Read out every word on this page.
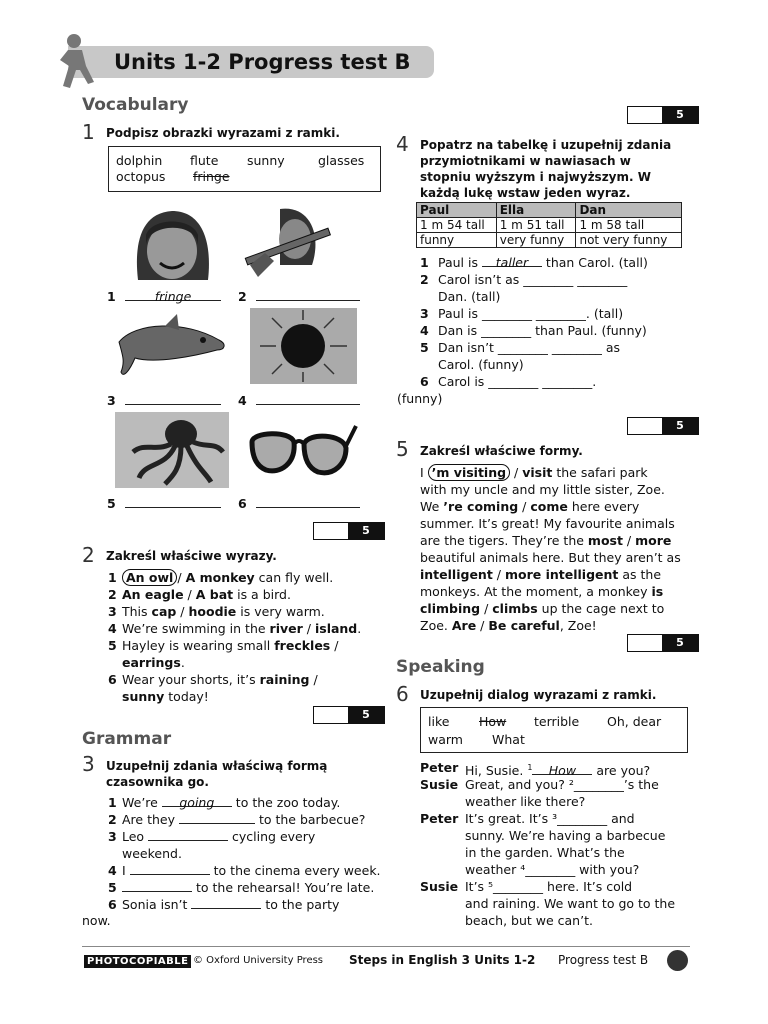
Units 1-2 Progress test B
Vocabulary
1 Podpisz obrazki wyrazami z ramki.
dolphin flute sunny	glasses
octopus fringe
1	fringe	2
3	4
5	6
5
2 Zakreśl właściwe wyrazy.
1 An owl / A monkey can fly well.
2 An eagle / A bat is a bird.
3 This cap / hoodie is very warm.
4 We’re swimming in the river / island.
5 Hayley is wearing small freckles /
earrings.
6 Wear your shorts, it’s raining /
sunny today!
5
Grammar
3 Uzupełnij zdania właściwą formą
czasownika go.
1 We’re going to the zoo today.
2 Are they	to the barbecue?
3 Leo	cycling every
weekend.
4 I	to the cinema every week.
5	to the rehearsal! You’re late.
6 Sonia isn’t	to the party
now.
5
4 Popatrz na tabelkę i uzupełnij zdania
przymiotnikami w nawiasach w
stopniu wyższym i najwyższym. W
każdą lukę wstaw jeden wyraz.
Paul	Ella	Dan
1 m 54 tall	1 m 51 tall	1 m 58 tall
funny	very funny	not very funny
1 Paul is taller than Carol. (tall)
2 Carol isn’t as ________ ________
Dan. (tall)
3 Paul is ________ ________. (tall)
4 Dan is ________ than Paul. (funny)
5 Dan isn’t ________ ________ as
Carol. (funny)
6 Carol is ________ ________.
(funny)
5
5 Zakreśl właściwe formy.
I ’m visiting / visit the safari park
with my uncle and my little sister, Zoe.
We ’re coming / come here every
summer. It’s great! My favourite animals
are the tigers. They’re the most / more
beautiful animals here. But they aren’t as
intelligent / more intelligent as the
monkeys. At the moment, a monkey is
climbing / climbs up the cage next to
Zoe. Are / Be careful, Zoe!
5
Speaking
6 Uzupełnij dialog wyrazami z ramki.
like How terrible Oh, dear
warm What
Peter Hi, Susie. $^1$ How are you?
Susie Great, and you? ²________’s the
weather like there?
Peter It’s great. It’s ³________ and
sunny. We’re having a barbecue
in the garden. What’s the
weather ⁴________ with you?
Susie It’s ⁵________ here. It’s cold
and raining. We want to go to the
beach, but we can’t.
PHOTOCOPIABLE © Oxford University Press Steps in English 3 Units 1-2 Progress test B
